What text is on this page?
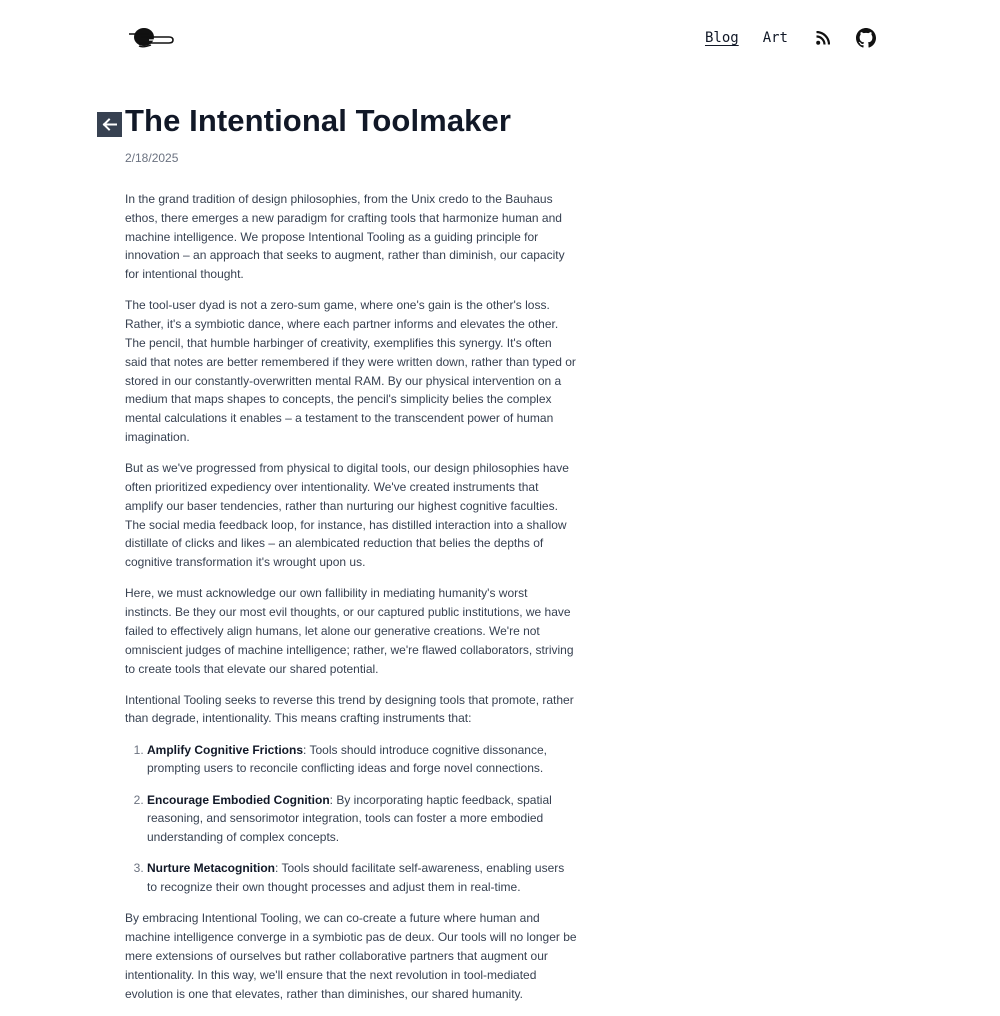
Blog Art
The Intentional Toolmaker
2/18/2025

In the grand tradition of design philosophies, from the Unix credo to the Bauhaus ethos, there emerges a new paradigm for crafting tools that harmonize human and machine intelligence. We propose Intentional Tooling as a guiding principle for innovation – an approach that seeks to augment, rather than diminish, our capacity for intentional thought.

The tool-user dyad is not a zero-sum game, where one's gain is the other's loss. Rather, it's a symbiotic dance, where each partner informs and elevates the other. The pencil, that humble harbinger of creativity, exemplifies this synergy. It's often said that notes are better remembered if they were written down, rather than typed or stored in our constantly-overwritten mental RAM. By our physical intervention on a medium that maps shapes to concepts, the pencil's simplicity belies the complex mental calculations it enables – a testament to the transcendent power of human imagination.

But as we've progressed from physical to digital tools, our design philosophies have often prioritized expediency over intentionality. We've created instruments that amplify our baser tendencies, rather than nurturing our highest cognitive faculties. The social media feedback loop, for instance, has distilled interaction into a shallow distillate of clicks and likes – an alembicated reduction that belies the depths of cognitive transformation it's wrought upon us.

Here, we must acknowledge our own fallibility in mediating humanity's worst instincts. Be they our most evil thoughts, or our captured public institutions, we have failed to effectively align humans, let alone our generative creations. We're not omniscient judges of machine intelligence; rather, we're flawed collaborators, striving to create tools that elevate our shared potential.

Intentional Tooling seeks to reverse this trend by designing tools that promote, rather than degrade, intentionality. This means crafting instruments that:

1. Amplify Cognitive Frictions: Tools should introduce cognitive dissonance, prompting users to reconcile conflicting ideas and forge novel connections.
2. Encourage Embodied Cognition: By incorporating haptic feedback, spatial reasoning, and sensorimotor integration, tools can foster a more embodied understanding of complex concepts.
3. Nurture Metacognition: Tools should facilitate self-awareness, enabling users to recognize their own thought processes and adjust them in real-time.

By embracing Intentional Tooling, we can co-create a future where human and machine intelligence converge in a symbiotic pas de deux. Our tools will no longer be mere extensions of ourselves but rather collaborative partners that augment our intentionality. In this way, we'll ensure that the next revolution in tool-mediated evolution is one that elevates, rather than diminishes, our shared humanity.
